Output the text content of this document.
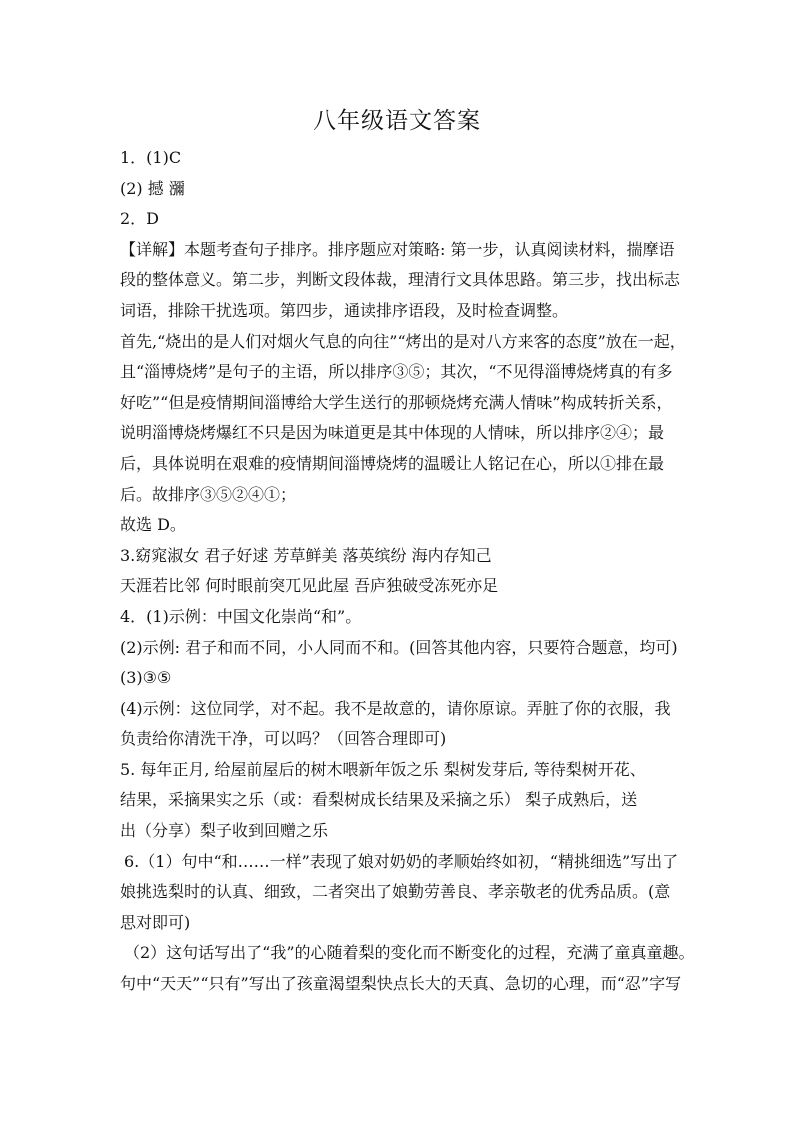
八年级语文答案
1．(1)C
(2) 撼 瀰
2．D
【详解】本题考查句子排序。排序题应对策略: 第一步，认真阅读材料，揣摩语
段的整体意义。第二步，判断文段体裁，理清行文具体思路。第三步，找出标志
词语，排除干扰选项。第四步，通读排序语段，及时检查调整。
首先,“烧出的是人们对烟火气息的向往”“烤出的是对八方来客的态度”放在一起，
且“淄博烧烤”是句子的主语，所以排序③⑤；其次，“不见得淄博烧烤真的有多
好吃”“但是疫情期间淄博给大学生送行的那顿烧烤充满人情味”构成转折关系，
说明淄博烧烤爆红不只是因为味道更是其中体现的人情味，所以排序②④；最
后，具体说明在艰难的疫情期间淄博烧烤的温暖让人铭记在心，所以①排在最
后。故排序③⑤②④①；
故选 D。
3.窈窕淑女 君子好逑 芳草鲜美 落英缤纷 海内存知己
天涯若比邻 何时眼前突兀见此屋 吾庐独破受冻死亦足
4．(1)示例：中国文化崇尚“和”。
(2)示例: 君子和而不同，小人同而不和。(回答其他内容，只要符合题意，均可)
(3)③⑤
(4)示例：这位同学，对不起。我不是故意的，请你原谅。弄脏了你的衣服，我
负责给你清洗干净，可以吗？（回答合理即可)
5. 每年正月, 给屋前屋后的树木喂新年饭之乐 梨树发芽后, 等待梨树开花、
结果，采摘果实之乐（或：看梨树成长结果及采摘之乐） 梨子成熟后，送
出（分享）梨子收到回赠之乐
6.（1）句中“和……一样”表现了娘对奶奶的孝顺始终如初，“精挑细选”写出了
娘挑选梨时的认真、细致，二者突出了娘勤劳善良、孝亲敬老的优秀品质。(意
思对即可)
（2）这句话写出了“我”的心随着梨的变化而不断变化的过程，充满了童真童趣。
句中“天天”“只有”写出了孩童渴望梨快点长大的天真、急切的心理，而“忍”字写
